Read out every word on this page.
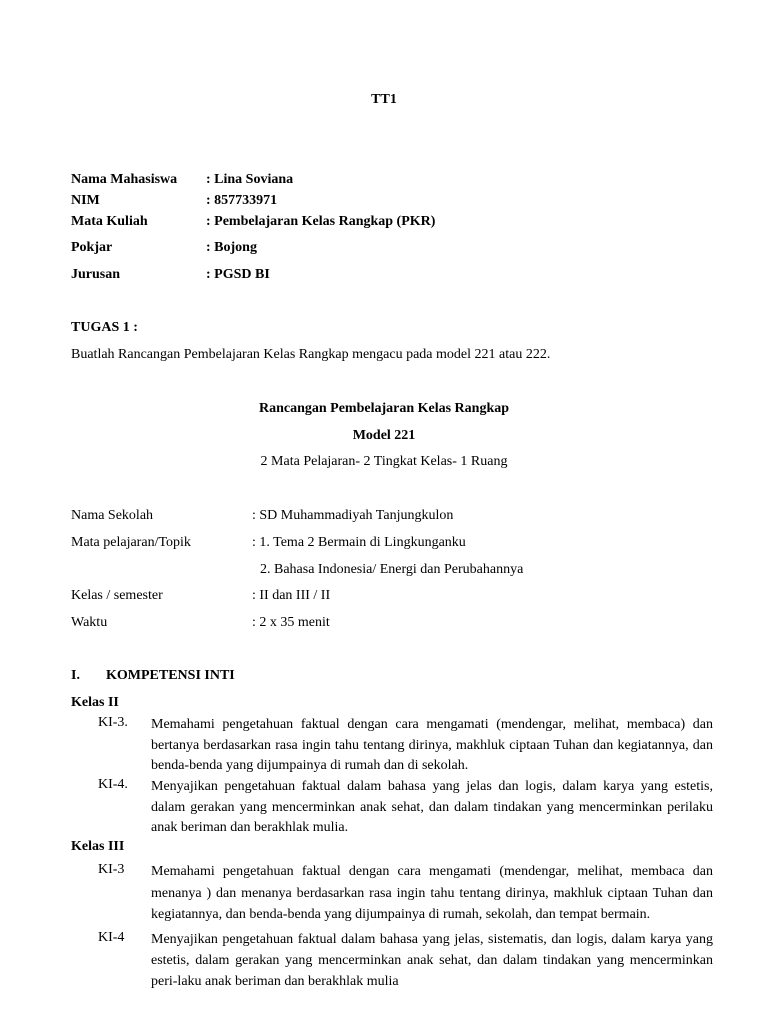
TT1
Nama Mahasiswa : Lina Soviana
NIM	: 857733971
Mata Kuliah	: Pembelajaran Kelas Rangkap (PKR)
Pokjar	: Bojong
Jurusan	: PGSD BI
TUGAS 1 :
Buatlah Rancangan Pembelajaran Kelas Rangkap mengacu pada model 221 atau 222.
Rancangan Pembelajaran Kelas Rangkap
Model 221
2 Mata Pelajaran- 2 Tingkat Kelas- 1 Ruang
Nama Sekolah	: SD Muhammadiyah Tanjungkulon
Mata pelajaran/Topik	: 1. Tema 2 Bermain di Lingkunganku
2. Bahasa Indonesia/ Energi dan Perubahannya
Kelas / semester	: II dan III / II
Waktu	: 2 x 35 menit
I. KOMPETENSI INTI
Kelas II
KI-3. Memahami pengetahuan faktual dengan cara mengamati (mendengar, melihat, membaca) dan bertanya berdasarkan rasa ingin tahu tentang dirinya, makhluk ciptaan Tuhan dan kegiatannya, dan benda-benda yang dijumpainya di rumah dan di sekolah.
KI-4. Menyajikan pengetahuan faktual dalam bahasa yang jelas dan logis, dalam karya yang estetis, dalam gerakan yang mencerminkan anak sehat, dan dalam tindakan yang mencerminkan perilaku anak beriman dan berakhlak mulia.
Kelas III
KI-3 Memahami pengetahuan faktual dengan cara mengamati (mendengar, melihat, membaca dan menanya ) dan menanya berdasarkan rasa ingin tahu tentang dirinya, makhluk ciptaan Tuhan dan kegiatannya, dan benda-benda yang dijumpainya di rumah, sekolah, dan tempat bermain.
KI-4 Menyajikan pengetahuan faktual dalam bahasa yang jelas, sistematis, dan logis, dalam karya yang estetis, dalam gerakan yang mencerminkan anak sehat, dan dalam tindakan yang mencerminkan peri-laku anak beriman dan berakhlak mulia
